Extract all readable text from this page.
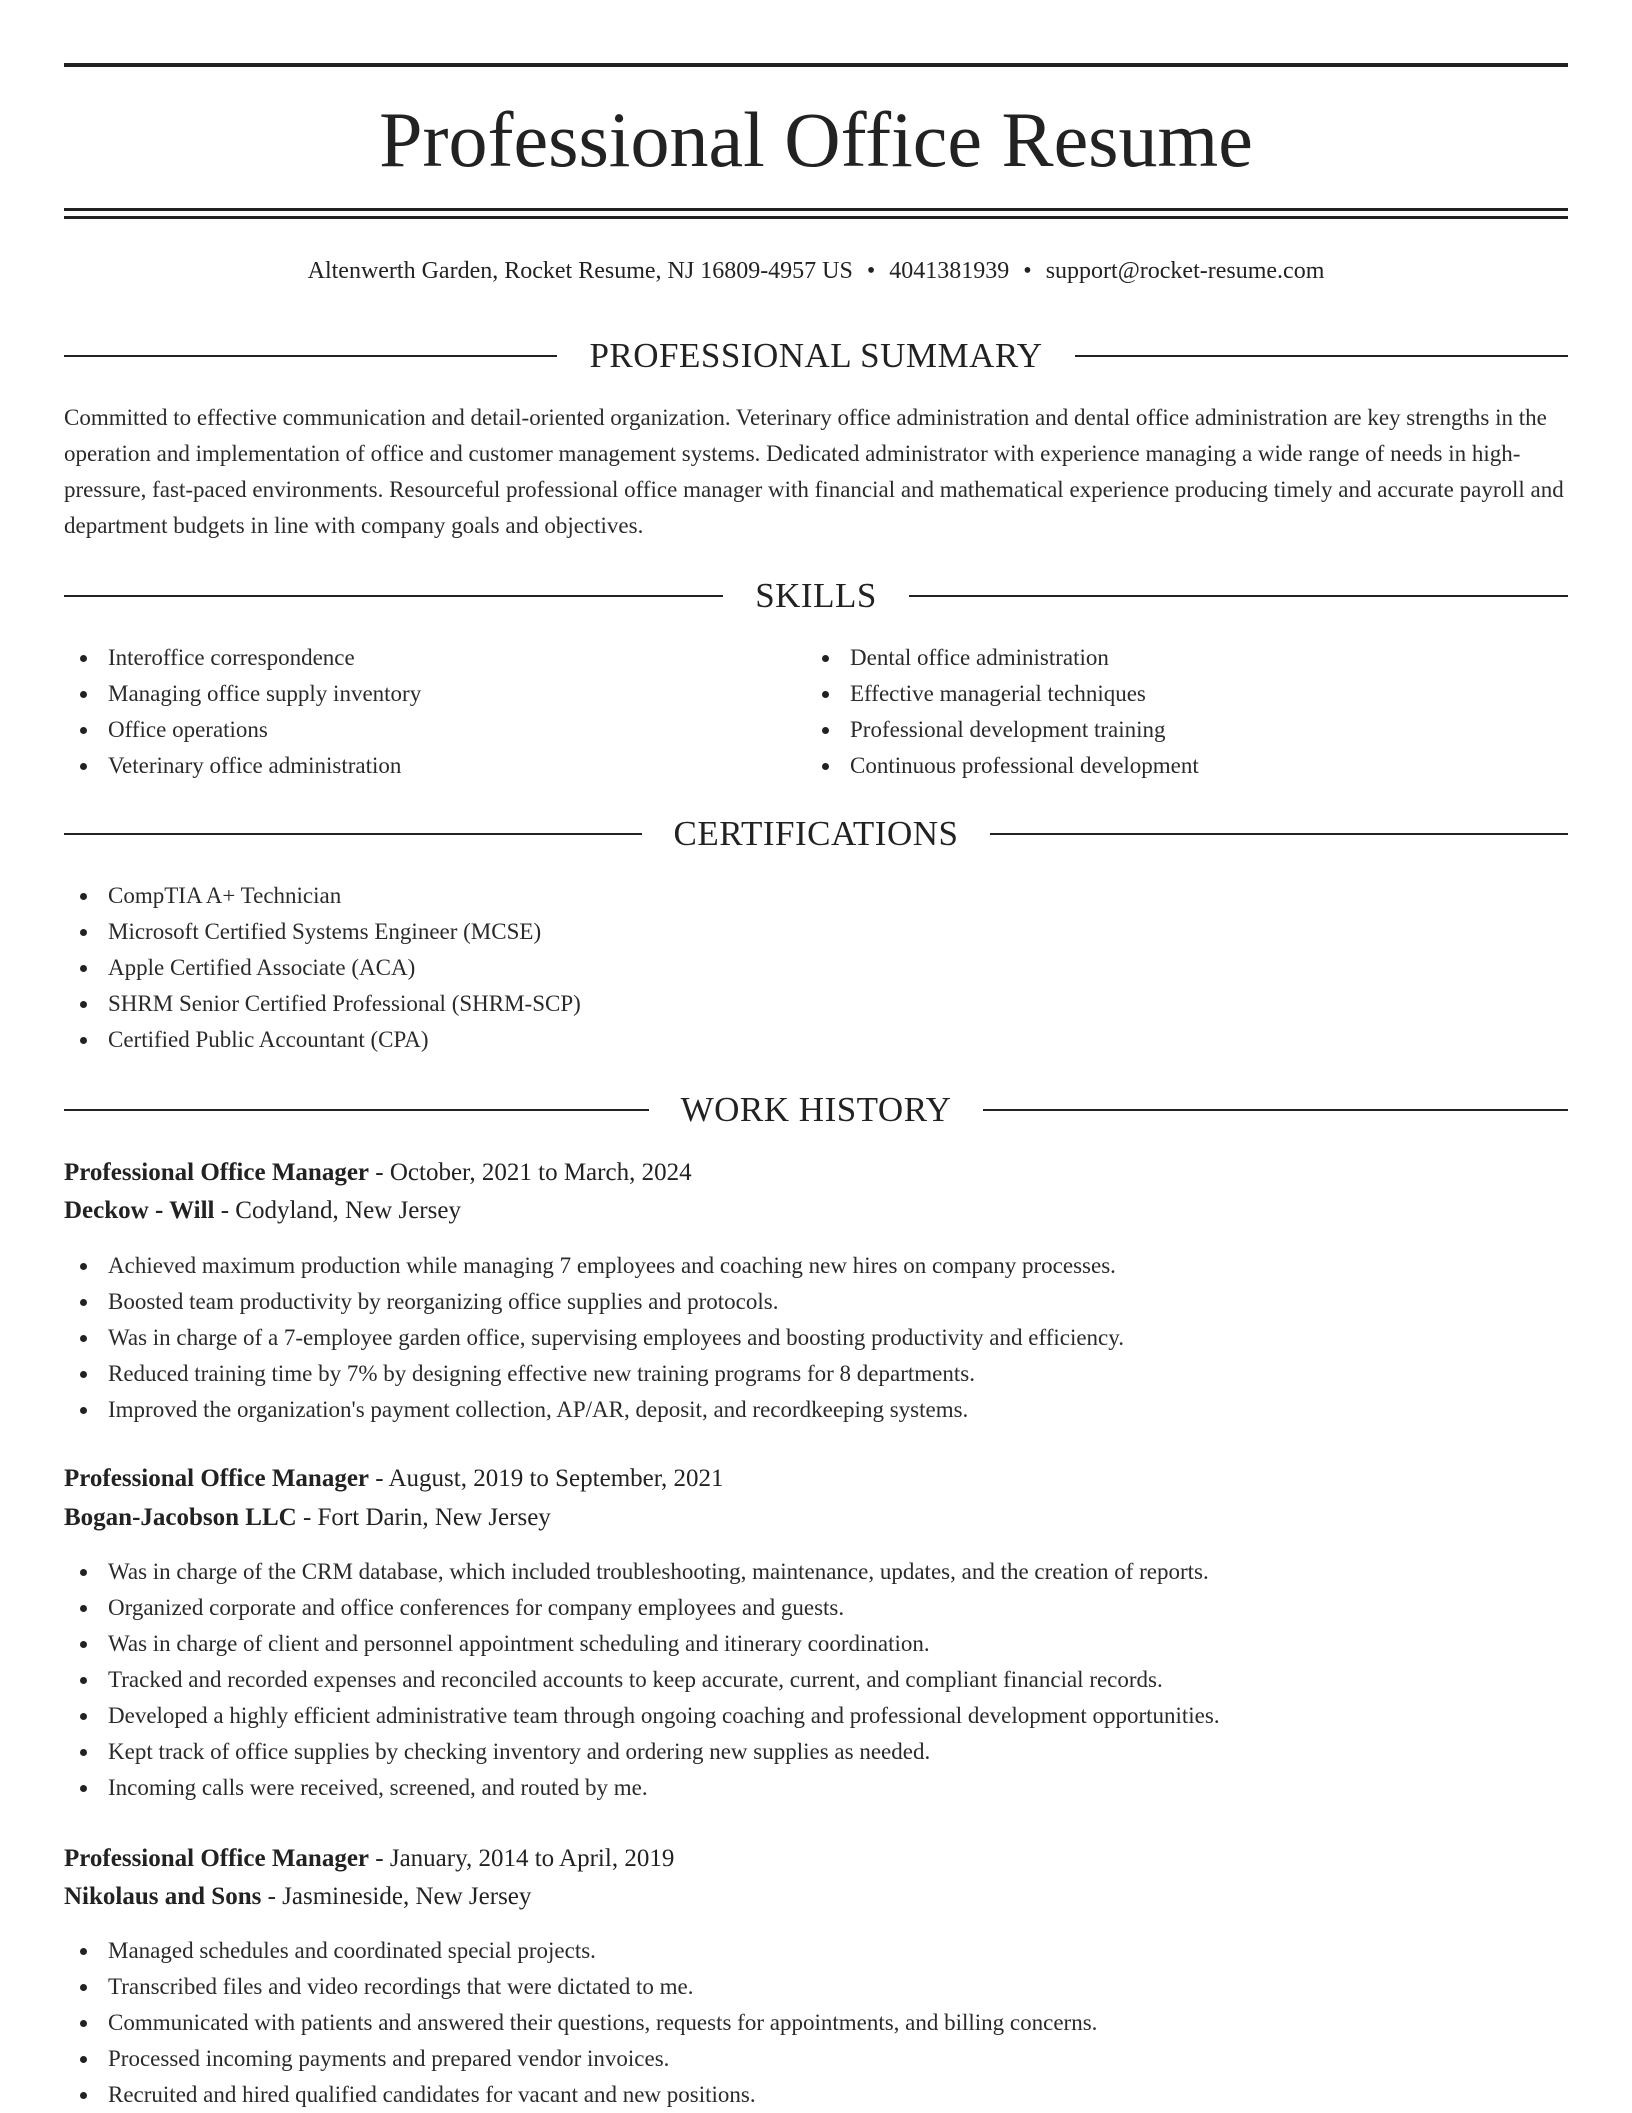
Professional Office Resume
Altenwerth Garden, Rocket Resume, NJ 16809-4957 US • 4041381939 • support@rocket-resume.com
PROFESSIONAL SUMMARY
Committed to effective communication and detail-oriented organization. Veterinary office administration and dental office administration are key strengths in the operation and implementation of office and customer management systems. Dedicated administrator with experience managing a wide range of needs in high-pressure, fast-paced environments. Resourceful professional office manager with financial and mathematical experience producing timely and accurate payroll and department budgets in line with company goals and objectives.
SKILLS
Interoffice correspondence
Managing office supply inventory
Office operations
Veterinary office administration
Dental office administration
Effective managerial techniques
Professional development training
Continuous professional development
CERTIFICATIONS
CompTIA A+ Technician
Microsoft Certified Systems Engineer (MCSE)
Apple Certified Associate (ACA)
SHRM Senior Certified Professional (SHRM-SCP)
Certified Public Accountant (CPA)
WORK HISTORY
Professional Office Manager - October, 2021 to March, 2024
Deckow - Will - Codyland, New Jersey
Achieved maximum production while managing 7 employees and coaching new hires on company processes.
Boosted team productivity by reorganizing office supplies and protocols.
Was in charge of a 7-employee garden office, supervising employees and boosting productivity and efficiency.
Reduced training time by 7% by designing effective new training programs for 8 departments.
Improved the organization's payment collection, AP/AR, deposit, and recordkeeping systems.
Professional Office Manager - August, 2019 to September, 2021
Bogan-Jacobson LLC - Fort Darin, New Jersey
Was in charge of the CRM database, which included troubleshooting, maintenance, updates, and the creation of reports.
Organized corporate and office conferences for company employees and guests.
Was in charge of client and personnel appointment scheduling and itinerary coordination.
Tracked and recorded expenses and reconciled accounts to keep accurate, current, and compliant financial records.
Developed a highly efficient administrative team through ongoing coaching and professional development opportunities.
Kept track of office supplies by checking inventory and ordering new supplies as needed.
Incoming calls were received, screened, and routed by me.
Professional Office Manager - January, 2014 to April, 2019
Nikolaus and Sons - Jasmineside, New Jersey
Managed schedules and coordinated special projects.
Transcribed files and video recordings that were dictated to me.
Communicated with patients and answered their questions, requests for appointments, and billing concerns.
Processed incoming payments and prepared vendor invoices.
Recruited and hired qualified candidates for vacant and new positions.
